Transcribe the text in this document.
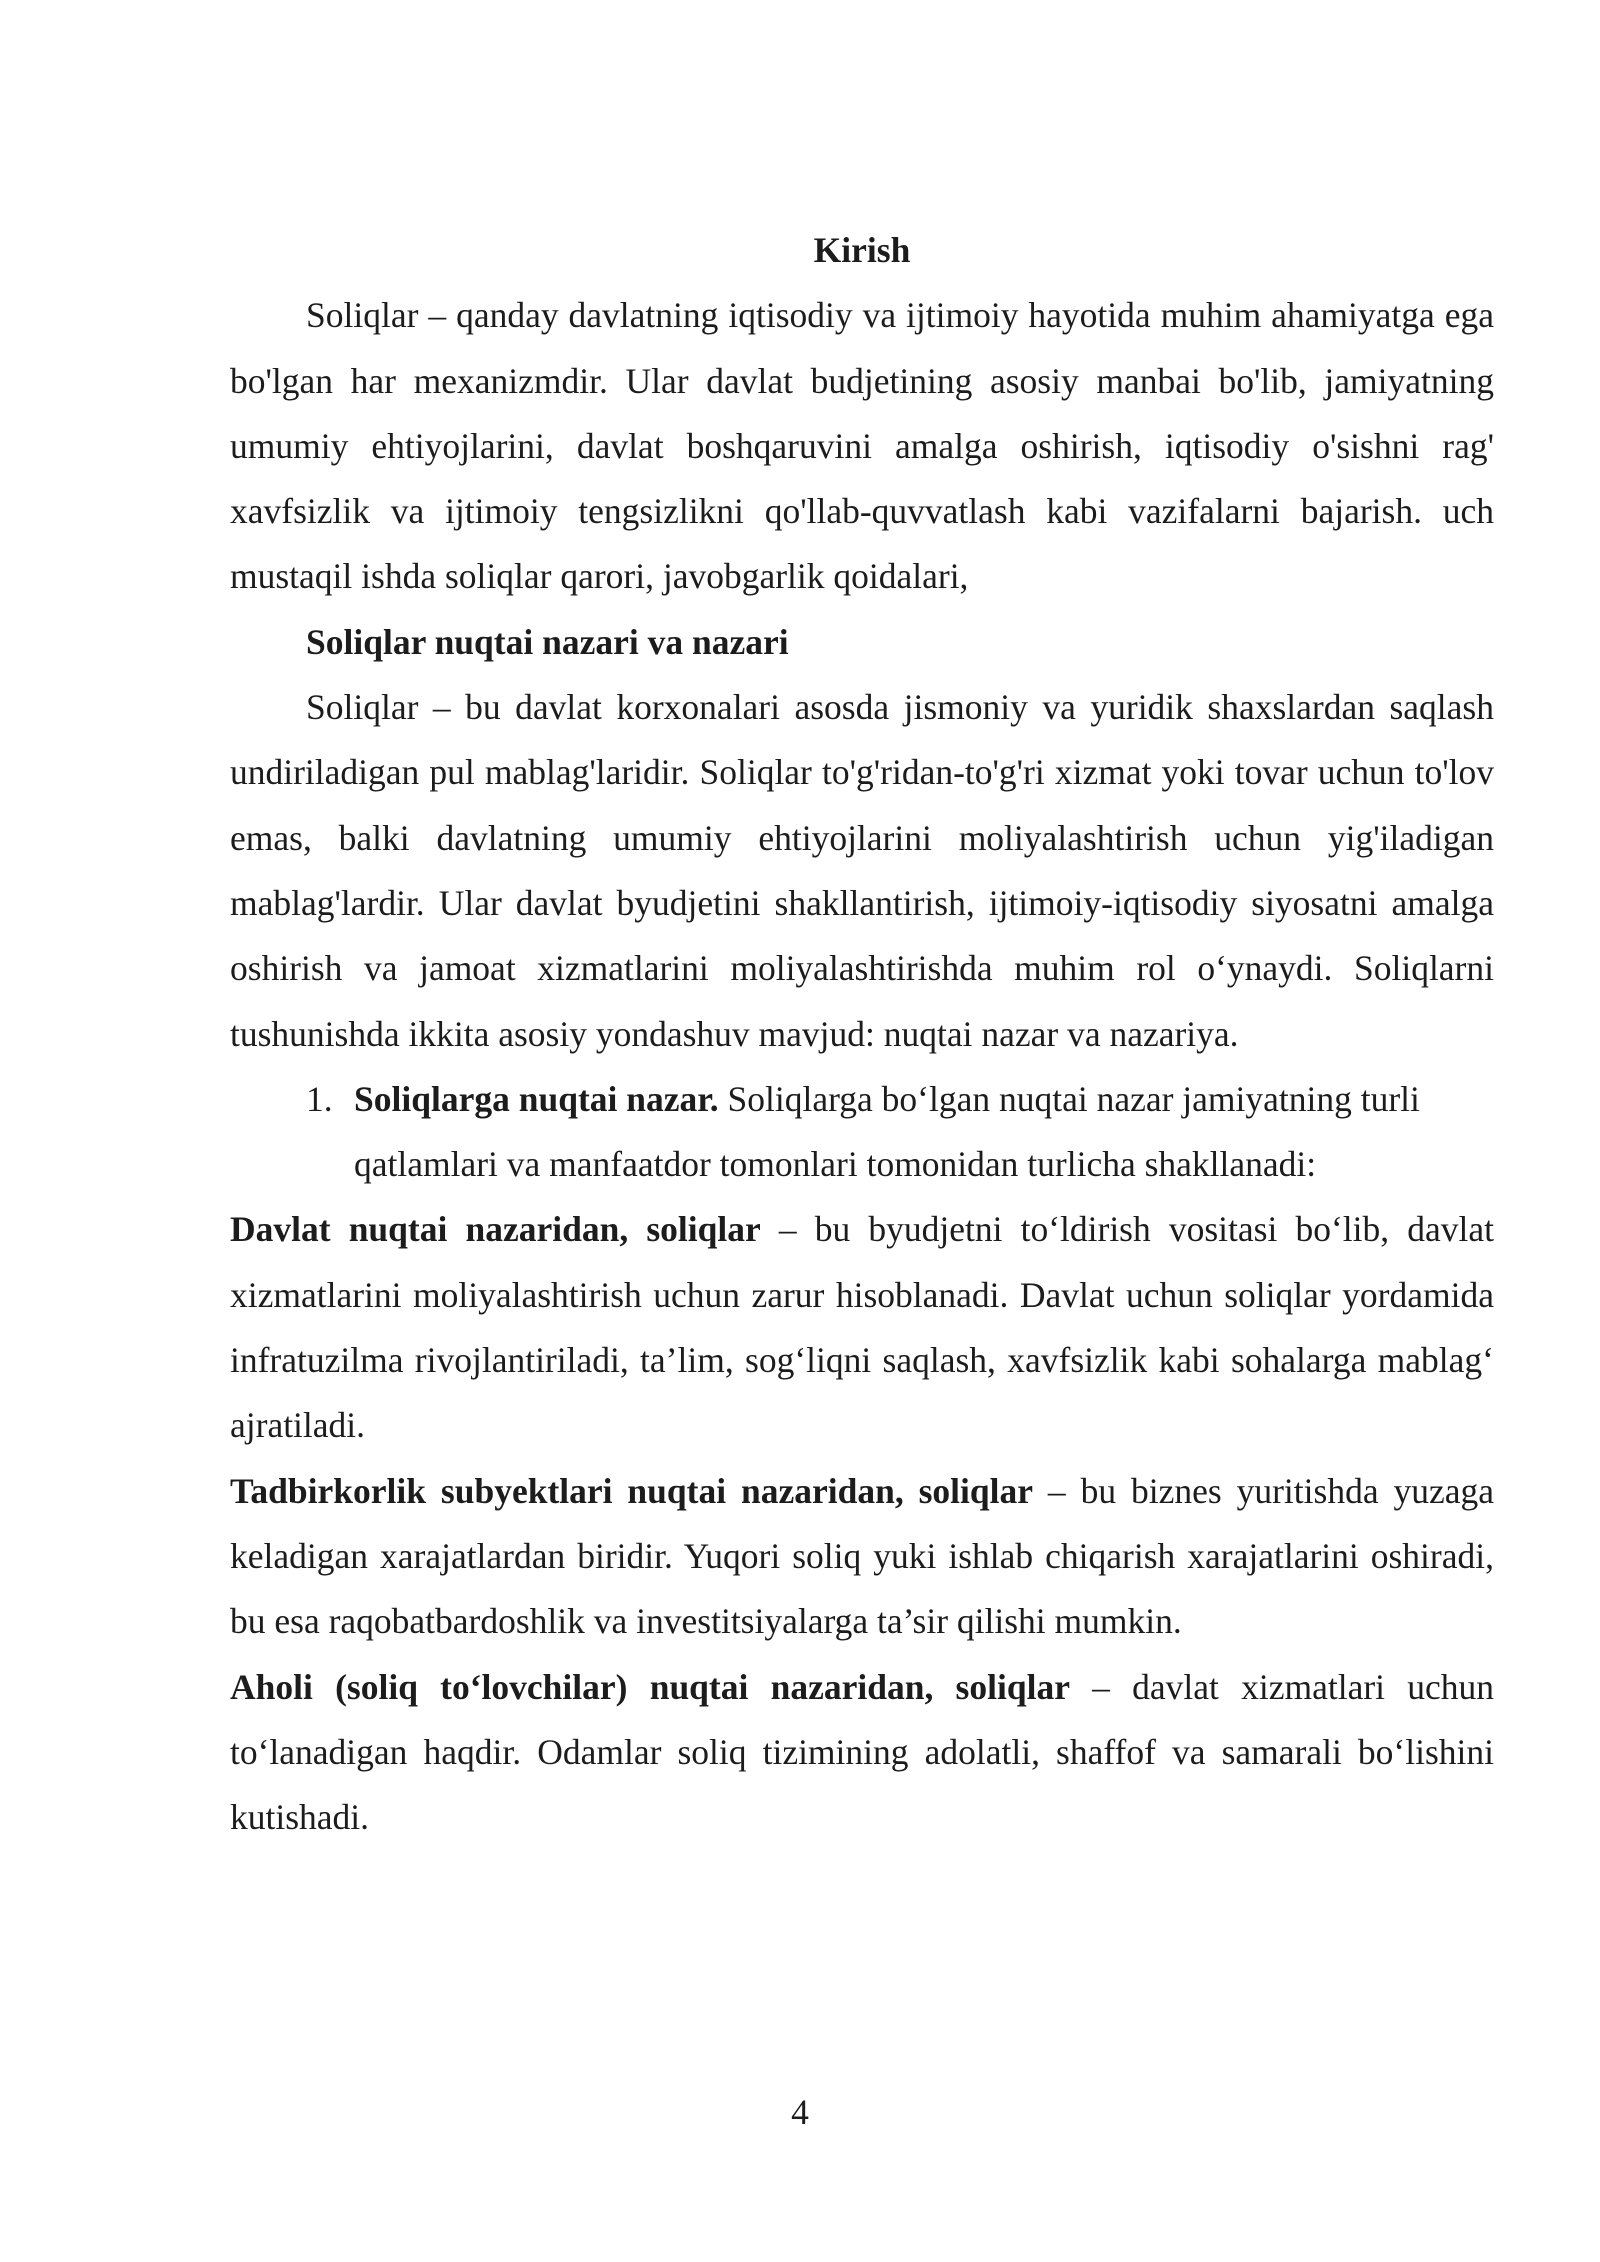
Kirish

Soliqlar – qanday davlatning iqtisodiy va ijtimoiy hayotida muhim ahamiyatga ega bo'lgan har mexanizmdir. Ular davlat budjetining asosiy manbai bo'lib, jamiyatning umumiy ehtiyojlarini, davlat boshqaruvini amalga oshirish, iqtisodiy o'sishni rag' xavfsizlik va ijtimoiy tengsizlikni qo'llab-quvvatlash kabi vazifalarni bajarish. uch mustaqil ishda soliqlar qarori, javobgarlik qoidalari,

Soliqlar nuqtai nazari va nazari

Soliqlar – bu davlat korxonalari asosda jismoniy va yuridik shaxslardan saqlash undiriladigan pul mablag'laridir. Soliqlar to'g'ridan-to'g'ri xizmat yoki tovar uchun to'lov emas, balki davlatning umumiy ehtiyojlarini moliyalashtirish uchun yig'iladigan mablag'lardir. Ular davlat byudjetini shakllantirish, ijtimoiy-iqtisodiy siyosatni amalga oshirish va jamoat xizmatlarini moliyalashtirishda muhim rol o‘ynaydi. Soliqlarni tushunishda ikkita asosiy yondashuv mavjud: nuqtai nazar va nazariya.

1. Soliqlarga nuqtai nazar. Soliqlarga bo‘lgan nuqtai nazar jamiyatning turli qatlamlari va manfaatdor tomonlari tomonidan turlicha shakllanadi:

Davlat nuqtai nazaridan, soliqlar – bu byudjetni to‘ldirish vositasi bo‘lib, davlat xizmatlarini moliyalashtirish uchun zarur hisoblanadi. Davlat uchun soliqlar yordamida infratuzilma rivojlantiriladi, ta’lim, sog‘liqni saqlash, xavfsizlik kabi sohalarga mablag‘ ajratiladi.

Tadbirkorlik subyektlari nuqtai nazaridan, soliqlar – bu biznes yuritishda yuzaga keladigan xarajatlardan biridir. Yuqori soliq yuki ishlab chiqarish xarajatlarini oshiradi, bu esa raqobatbardoshlik va investitsiyalarga ta’sir qilishi mumkin.

Aholi (soliq to‘lovchilar) nuqtai nazaridan, soliqlar – davlat xizmatlari uchun to‘lanadigan haqdir. Odamlar soliq tizimining adolatli, shaffof va samarali bo‘lishini kutishadi.

4
